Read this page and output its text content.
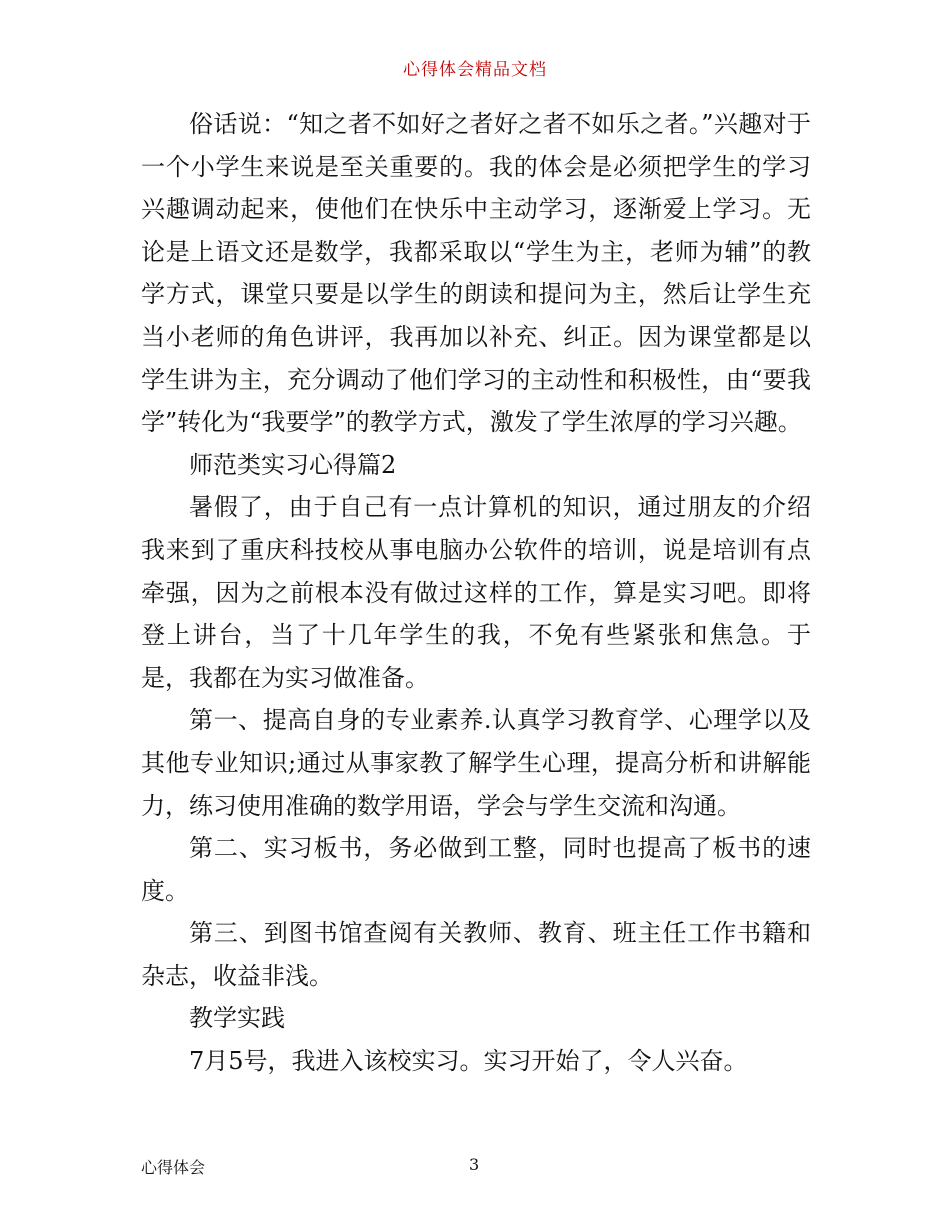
心得体会精品文档

俗话说：“知之者不如好之者好之者不如乐之者。”兴趣对于一个小学生来说是至关重要的。我的体会是必须把学生的学习兴趣调动起来，使他们在快乐中主动学习，逐渐爱上学习。无论是上语文还是数学，我都采取以“学生为主，老师为辅”的教学方式，课堂只要是以学生的朗读和提问为主，然后让学生充当小老师的角色讲评，我再加以补充、纠正。因为课堂都是以学生讲为主，充分调动了他们学习的主动性和积极性，由“要我学”转化为“我要学”的教学方式，激发了学生浓厚的学习兴趣。

师范类实习心得篇2

暑假了，由于自己有一点计算机的知识，通过朋友的介绍我来到了重庆科技校从事电脑办公软件的培训，说是培训有点牵强，因为之前根本没有做过这样的工作，算是实习吧。即将登上讲台，当了十几年学生的我，不免有些紧张和焦急。于是，我都在为实习做准备。

第一、提高自身的专业素养.认真学习教育学、心理学以及其他专业知识;通过从事家教了解学生心理，提高分析和讲解能力，练习使用准确的数学用语，学会与学生交流和沟通。

第二、实习板书，务必做到工整，同时也提高了板书的速度。

第三、到图书馆查阅有关教师、教育、班主任工作书籍和杂志，收益非浅。

教学实践

7月5号，我进入该校实习。实习开始了，令人兴奋。

心得体会	3
